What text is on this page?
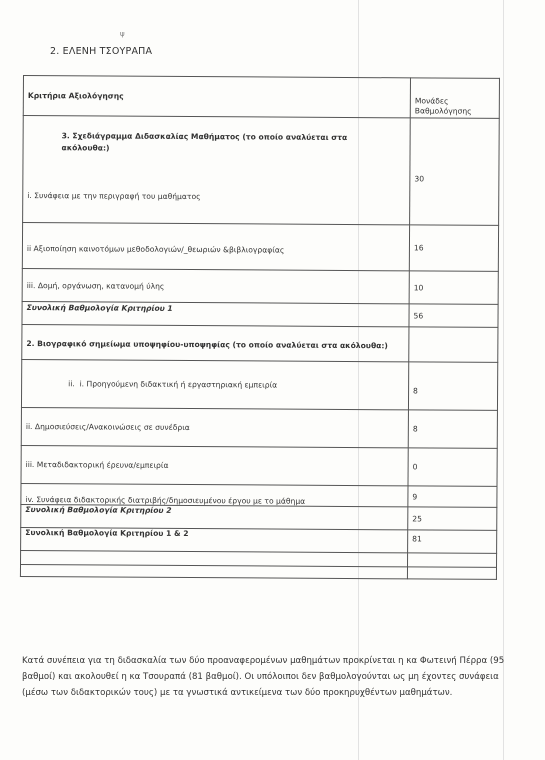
ψ
2. ΕΛΕΝΗ ΤΣΟΥΡΑΠΑ
Κριτήρια Αξιολόγησης	Μονάδες Βαθμολόγησης

3. Σχεδιάγραμμα Διδασκαλίας Μαθήματος (το οποίο αναλύεται στα ακόλουθα:)
i. Συνάφεια με την περιγραφή του μαθήματος	30
ii Αξιοποίηση καινοτόμων μεθοδολογιών/_θεωριών &βιβλιογραφίας	16
iii. Δομή, οργάνωση, κατανομή ύλης	10
Συνολική Βαθμολογία Κριτηρίου 1	56
2. Βιογραφικό σημείωμα υποψηφίου-υποψηφίας (το οποίο αναλύεται στα ακόλουθα:)	
ii. i. Προηγούμενη διδακτική ή εργαστηριακή εμπειρία	8
ii. Δημοσιεύσεις/Ανακοινώσεις σε συνέδρια	8
iii. Μεταδιδακτορική έρευνα/εμπειρία	0
iv. Συνάφεια διδακτορικής διατριβής/δημοσιευμένου έργου με το μάθημα	9
Συνολική Βαθμολογία Κριτηρίου 2	25
Συνολική Βαθμολογία Κριτηρίου 1 & 2	81

Κατά συνέπεια για τη διδασκαλία των δύο προαναφερομένων μαθημάτων προκρίνεται η κα Φωτεινή Πέρρα (95 βαθμοί) και ακολουθεί η κα Τσουραπά (81 βαθμοί). Οι υπόλοιποι δεν βαθμολογούνται ως μη έχοντες συνάφεια (μέσω των διδακτορικών τους) με τα γνωστικά αντικείμενα των δύο προκηρυχθέντων μαθημάτων.
